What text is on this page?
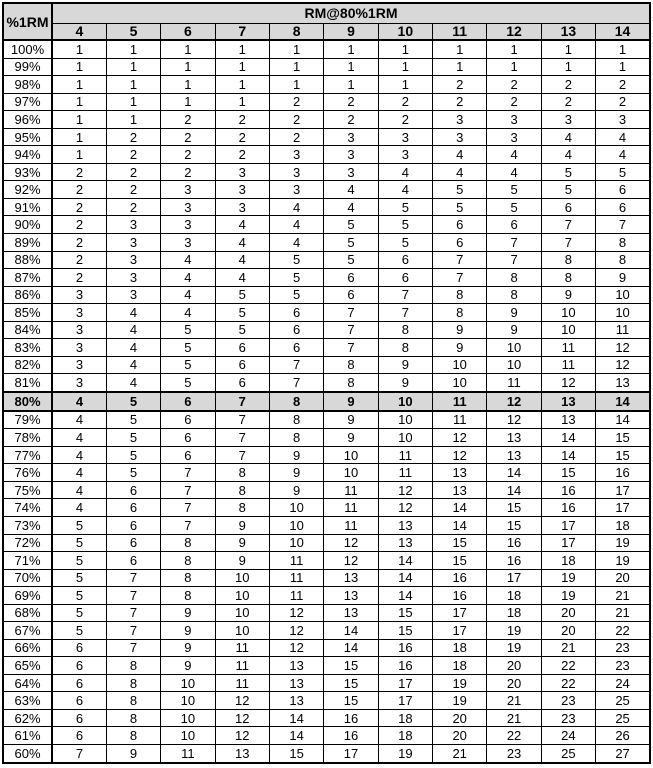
%1RM	RM@80%1RM										
	4	5	6	7	8	9	10	11	12	13	14
100%	1	1	1	1	1	1	1	1	1	1	1
99%	1	1	1	1	1	1	1	1	1	1	1
98%	1	1	1	1	1	1	1	2	2	2	2
97%	1	1	1	1	2	2	2	2	2	2	2
96%	1	1	2	2	2	2	2	3	3	3	3
95%	1	2	2	2	2	3	3	3	3	4	4
94%	1	2	2	2	3	3	3	4	4	4	4
93%	2	2	2	3	3	3	4	4	4	5	5
92%	2	2	3	3	3	4	4	5	5	5	6
91%	2	2	3	3	4	4	5	5	5	6	6
90%	2	3	3	4	4	5	5	6	6	7	7
89%	2	3	3	4	4	5	5	6	7	7	8
88%	2	3	4	4	5	5	6	7	7	8	8
87%	2	3	4	4	5	6	6	7	8	8	9
86%	3	3	4	5	5	6	7	8	8	9	10
85%	3	4	4	5	6	7	7	8	9	10	10
84%	3	4	5	5	6	7	8	9	9	10	11
83%	3	4	5	6	6	7	8	9	10	11	12
82%	3	4	5	6	7	8	9	10	10	11	12
81%	3	4	5	6	7	8	9	10	11	12	13
80%	4	5	6	7	8	9	10	11	12	13	14
79%	4	5	6	7	8	9	10	11	12	13	14
78%	4	5	6	7	8	9	10	12	13	14	15
77%	4	5	6	7	9	10	11	12	13	14	15
76%	4	5	7	8	9	10	11	13	14	15	16
75%	4	6	7	8	9	11	12	13	14	16	17
74%	4	6	7	8	10	11	12	14	15	16	17
73%	5	6	7	9	10	11	13	14	15	17	18
72%	5	6	8	9	10	12	13	15	16	17	19
71%	5	6	8	9	11	12	14	15	16	18	19
70%	5	7	8	10	11	13	14	16	17	19	20
69%	5	7	8	10	11	13	14	16	18	19	21
68%	5	7	9	10	12	13	15	17	18	20	21
67%	5	7	9	10	12	14	15	17	19	20	22
66%	6	7	9	11	12	14	16	18	19	21	23
65%	6	8	9	11	13	15	16	18	20	22	23
64%	6	8	10	11	13	15	17	19	20	22	24
63%	6	8	10	12	13	15	17	19	21	23	25
62%	6	8	10	12	14	16	18	20	21	23	25
61%	6	8	10	12	14	16	18	20	22	24	26
60%	7	9	11	13	15	17	19	21	23	25	27
